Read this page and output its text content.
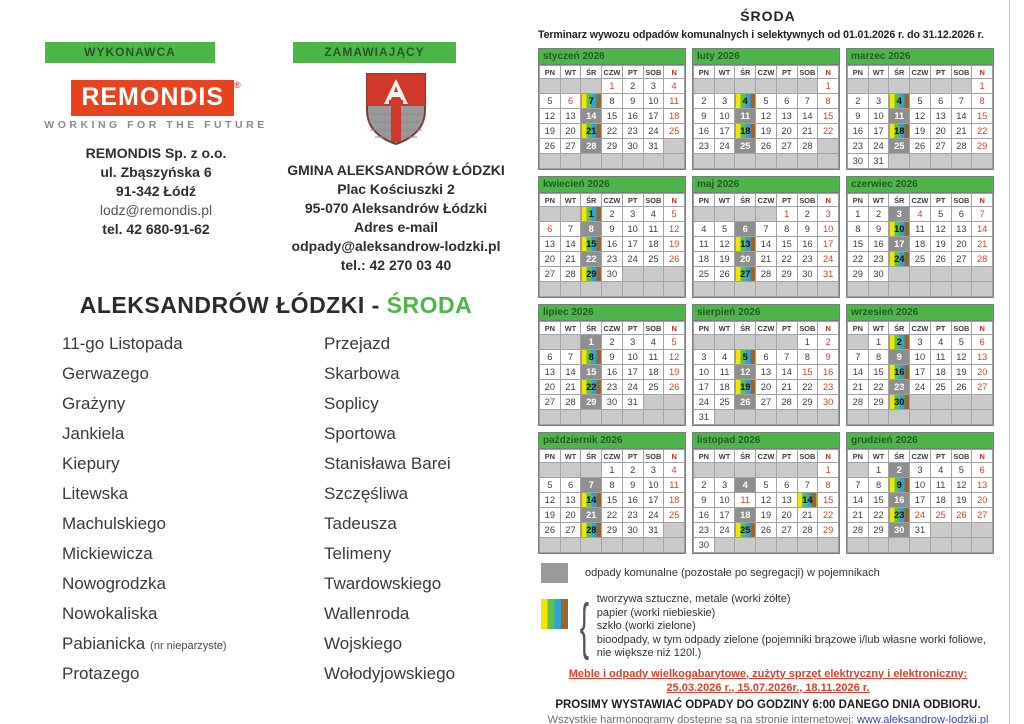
WYKONAWCA	ZAMAWIAJĄCY
REMONDIS ®
WORKING FOR THE FUTURE
REMONDIS Sp. z o.o.
ul. Zbąszyńska 6
91-342 Łódź
lodz@remondis.pl
tel. 42 680-91-62
GMINA ALEKSANDRÓW ŁÓDZKI
Plac Kościuszki 2
95-070 Aleksandrów Łódzki
Adres e-mail
odpady@aleksandrow-lodzki.pl
tel.: 42 270 03 40
ALEKSANDRÓW ŁÓDZKI - ŚRODA
11-go Listopada
Gerwazego
Grażyny
Jankiela
Kiepury
Litewska
Machulskiego
Mickiewicza
Nowogrodzka
Nowokaliska
Pabianicka (nr nieparzyste)
Protazego
Przejazd
Skarbowa
Soplicy
Sportowa
Stanisława Barei
Szczęśliwa
Tadeusza
Telimeny
Twardowskiego
Wallenroda
Wojskiego
Wołodyjowskiego
ŚRODA
Terminarz wywozu odpadów komunalnych i selektywnych od 01.01.2026 r. do 31.12.2026 r.
styczeń 2026
PN	WT	ŚR	CZW	PT	SOB	N
			1	2	3	4
5	6	7	8	9	10	11
12	13	14	15	16	17	18
19	20	21	22	23	24	25
26	27	28	29	30	31	

luty 2026
PN	WT	ŚR	CZW	PT	SOB	N
						1
2	3	4	5	6	7	8
9	10	11	12	13	14	15
16	17	18	19	20	21	22
23	24	25	26	27	28	

marzec 2026
PN	WT	ŚR	CZW	PT	SOB	N
						1
2	3	4	5	6	7	8
9	10	11	12	13	14	15
16	17	18	19	20	21	22
23	24	25	26	27	28	29
30	31					
kwiecień 2026
PN	WT	ŚR	CZW	PT	SOB	N
		1	2	3	4	5
6	7	8	9	10	11	12
13	14	15	16	17	18	19
20	21	22	23	24	25	26
27	28	29	30			

maj 2026
PN	WT	ŚR	CZW	PT	SOB	N
				1	2	3
4	5	6	7	8	9	10
11	12	13	14	15	16	17
18	19	20	21	22	23	24
25	26	27	28	29	30	31

czerwiec 2026
PN	WT	ŚR	CZW	PT	SOB	N
1	2	3	4	5	6	7
8	9	10	11	12	13	14
15	16	17	18	19	20	21
22	23	24	25	26	27	28
29	30					

lipiec 2026
PN	WT	ŚR	CZW	PT	SOB	N
		1	2	3	4	5
6	7	8	9	10	11	12
13	14	15	16	17	18	19
20	21	22	23	24	25	26
27	28	29	30	31		

sierpień 2026
PN	WT	ŚR	CZW	PT	SOB	N
					1	2
3	4	5	6	7	8	9
10	11	12	13	14	15	16
17	18	19	20	21	22	23
24	25	26	27	28	29	30
31						
wrzesień 2026
PN	WT	ŚR	CZW	PT	SOB	N
	1	2	3	4	5	6
7	8	9	10	11	12	13
14	15	16	17	18	19	20
21	22	23	24	25	26	27
28	29	30				

październik 2026
PN	WT	ŚR	CZW	PT	SOB	N
			1	2	3	4
5	6	7	8	9	10	11
12	13	14	15	16	17	18
19	20	21	22	23	24	25
26	27	28	29	30	31	

listopad 2026
PN	WT	ŚR	CZW	PT	SOB	N
						1
2	3	4	5	6	7	8
9	10	11	12	13	14	15
16	17	18	19	20	21	22
23	24	25	26	27	28	29
30						
grudzień 2026
PN	WT	ŚR	CZW	PT	SOB	N
	1	2	3	4	5	6
7	8	9	10	11	12	13
14	15	16	17	18	19	20
21	22	23	24	25	26	27
28	29	30	31			

odpady komunalne (pozostałe po segregacji) w pojemnikach
{ tworzywa sztuczne, metale (worki żółte)
papier (worki niebieskie)
szkło (worki zielone)
bioodpady, w tym odpady zielone (pojemniki brązowe i/lub własne worki foliowe, nie większe niż 120l.)
Meble i odpady wielkogabarytowe, zużyty sprzęt elektryczny i elektroniczny:
25.03.2026 r., 15.07.2026r., 18.11.2026 r.
PROSIMY WYSTAWIAĆ ODPADY DO GODZINY 6:00 DANEGO DNIA ODBIORU.
Wszystkie harmonogramy dostępne są na stronie internetowej: www.aleksandrow-lodzki.pl
